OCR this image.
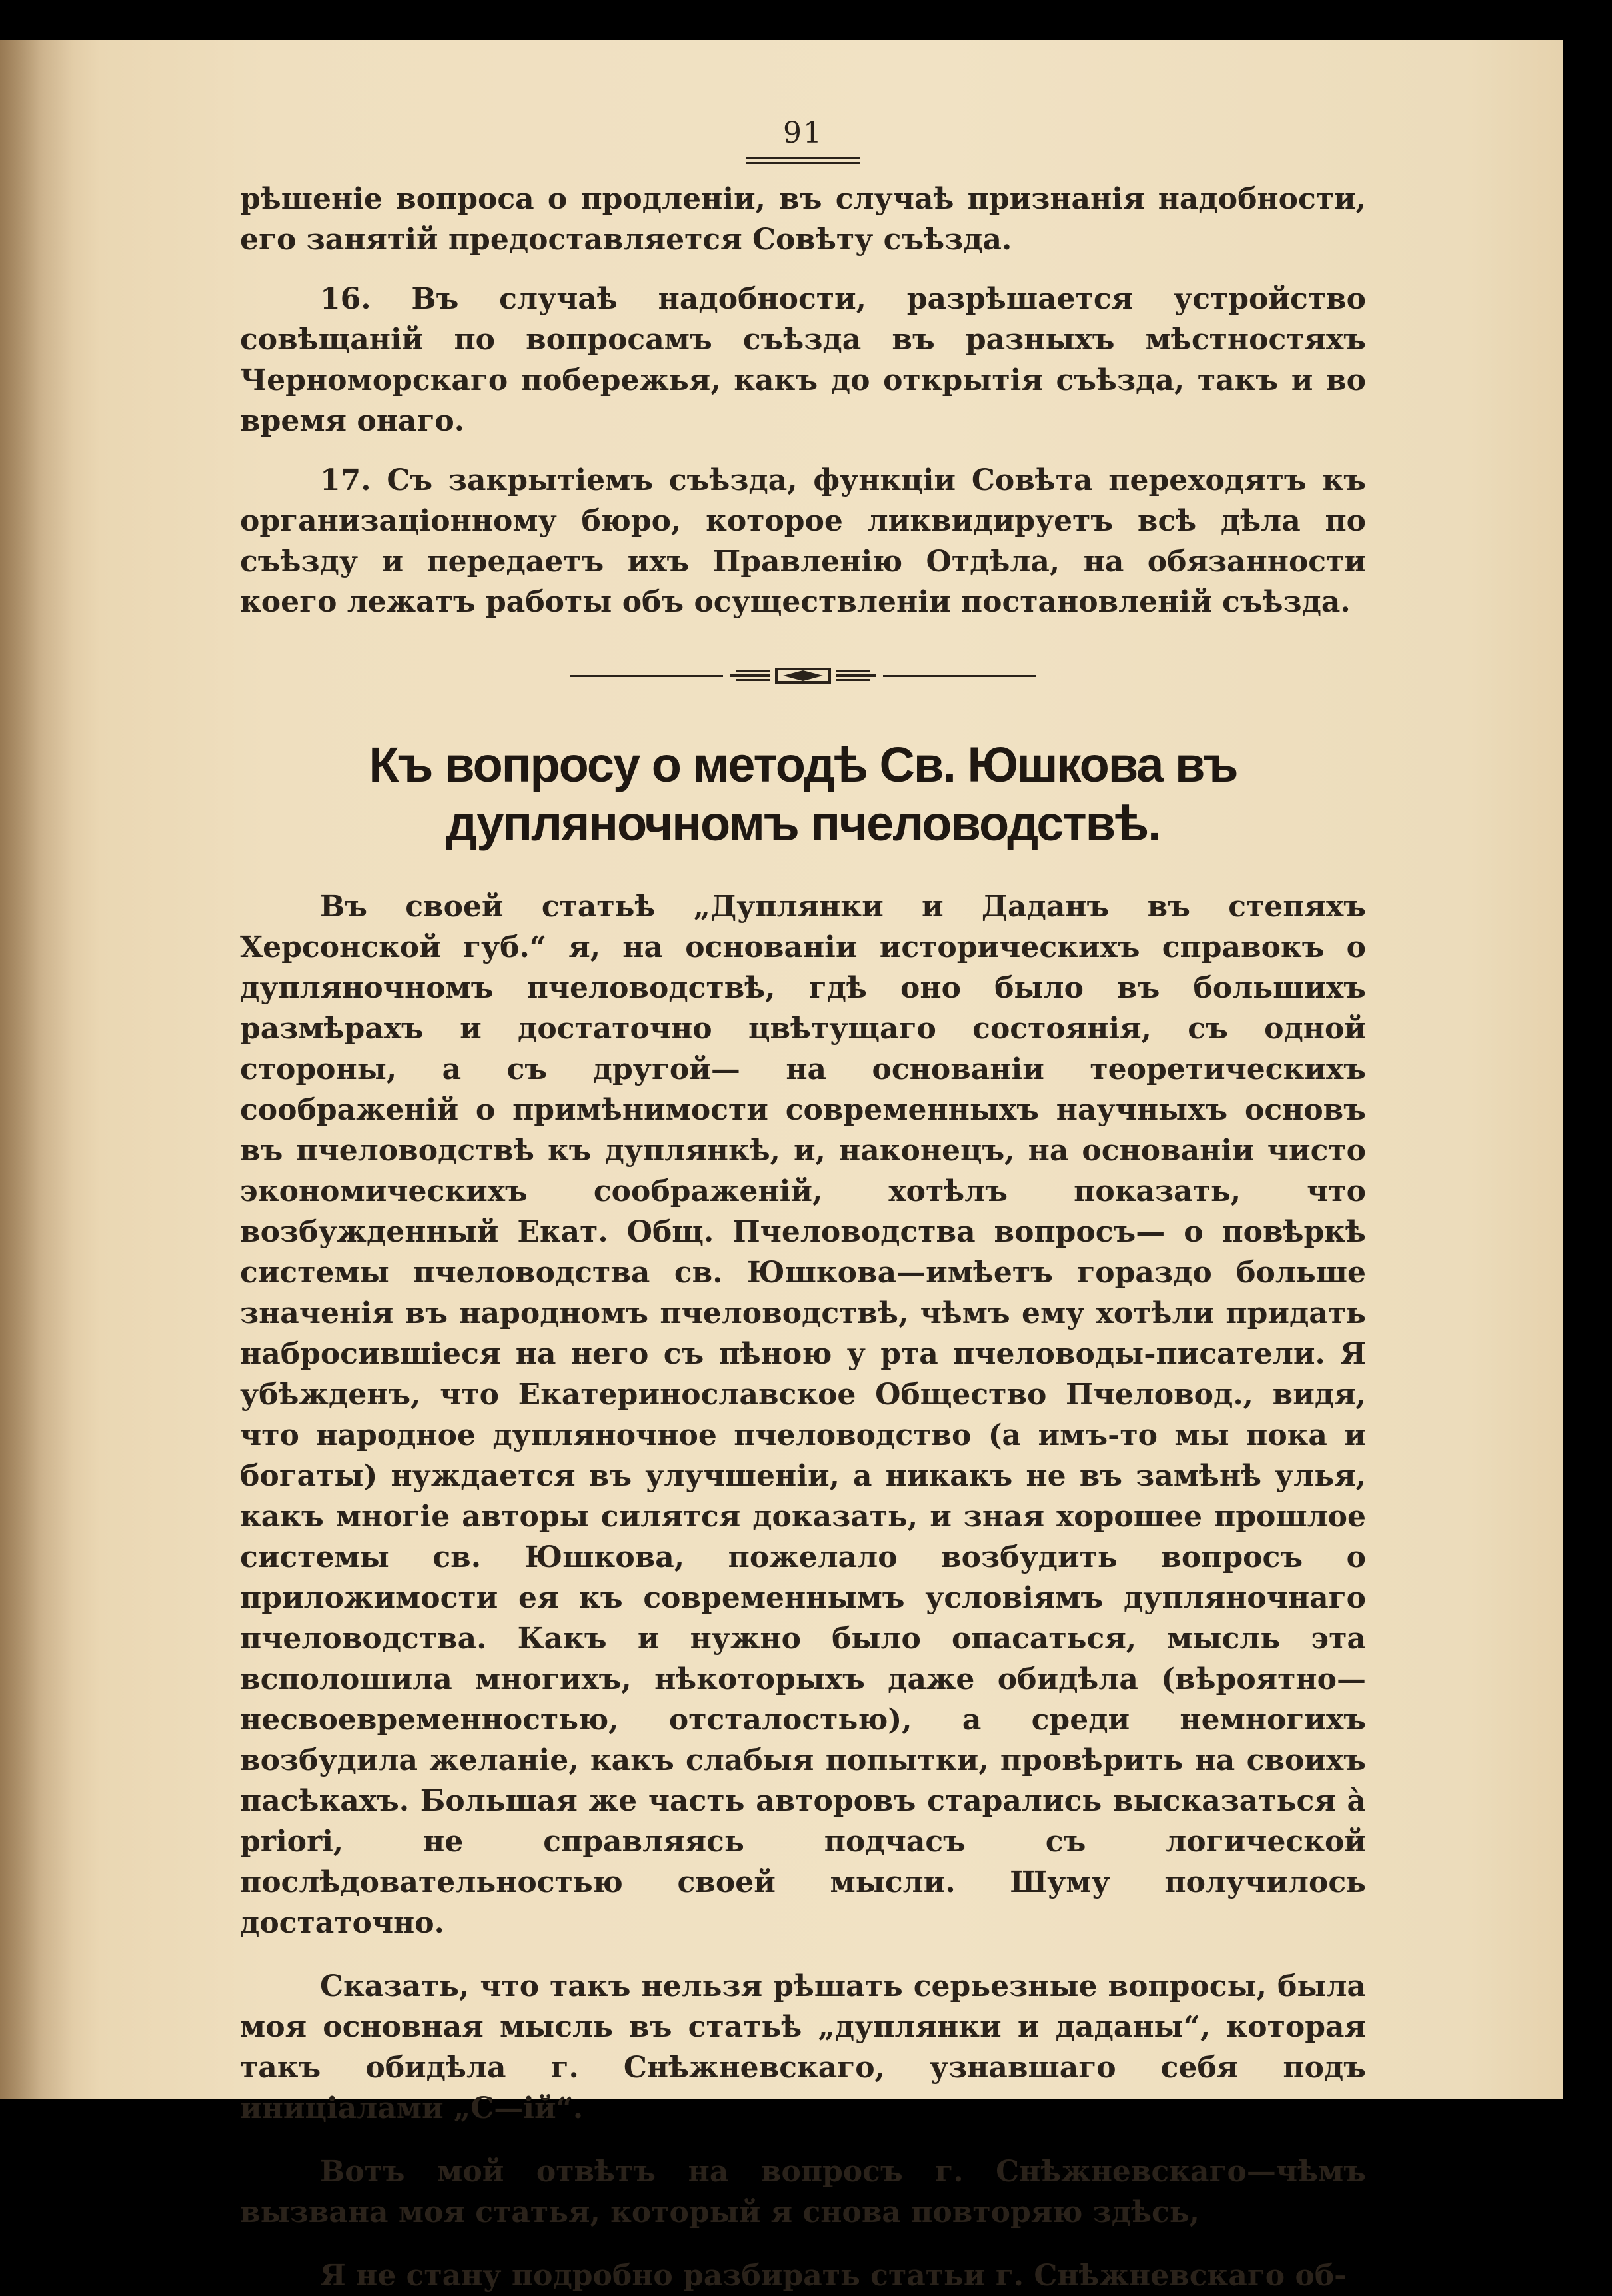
91

рѣшеніе вопроса о продленіи, въ случаѣ признанія надобности, его занятій предоставляется Совѣту съѣзда.

16. Въ случаѣ надобности, разрѣшается устройство совѣщаній по вопросамъ съѣзда въ разныхъ мѣстностяхъ Черноморскаго побережья, какъ до открытія съѣзда, такъ и во время онаго.

17. Съ закрытіемъ съѣзда, функціи Совѣта переходятъ къ организаціонному бюро, которое ликвидируетъ всѣ дѣла по съѣзду и передаетъ ихъ Правленію Отдѣла, на обязанности коего лежатъ работы объ осуществленіи постановленій съѣзда.

Къ вопросу о методѣ Св. Юшкова въ дупляночномъ пчеловодствѣ.

Въ своей статьѣ „Дуплянки и Даданъ въ степяхъ Херсонской губ.“ я, на основаніи историческихъ справокъ о дупляночномъ пчеловодствѣ, гдѣ оно было въ большихъ размѣрахъ и достаточно цвѣтущаго состоянія, съ одной стороны, а съ другой— на основаніи теоретическихъ соображеній о примѣнимости современныхъ научныхъ основъ въ пчеловодствѣ къ дуплянкѣ, и, наконецъ, на основаніи чисто экономическихъ соображеній, хотѣлъ показать, что возбужденный Екат. Общ. Пчеловодства вопросъ— о повѣркѣ системы пчеловодства св. Юшкова—имѣетъ гораздо больше значенія въ народномъ пчеловодствѣ, чѣмъ ему хотѣли придать набросившіеся на него съ пѣною у рта пчеловоды-писатели. Я убѣжденъ, что Екатеринославское Общество Пчеловод., видя, что народное дупляночное пчеловодство (а имъ-то мы пока и богаты) нуждается въ улучшеніи, а никакъ не въ замѣнѣ улья, какъ многіе авторы силятся доказать, и зная хорошее прошлое системы св. Юшкова, пожелало возбудить вопросъ о приложимости ея къ современнымъ условіямъ дупляночнаго пчеловодства. Какъ и нужно было опасаться, мысль эта всполошила многихъ, нѣкоторыхъ даже обидѣла (вѣроятно—несвоевременностью, отсталостью), а среди немногихъ возбудила желаніе, какъ слабыя попытки, провѣрить на своихъ пасѣкахъ. Большая же часть авторовъ старались высказаться à priori, не справляясь подчасъ съ логической послѣдовательностью своей мысли. Шуму получилось достаточно.

Сказать, что такъ нельзя рѣшать серьезные вопросы, была моя основная мысль въ статьѣ „дуплянки и даданы“, которая такъ обидѣла г. Снѣжневскаго, узнавшаго себя подъ иниціалами „С—ій“.

Вотъ мой отвѣтъ на вопросъ г. Снѣжневскаго—чѣмъ вызвана моя статья, который я снова повторяю здѣсь,

Я не стану подробно разбирать статьи г. Снѣжневскаго об-
